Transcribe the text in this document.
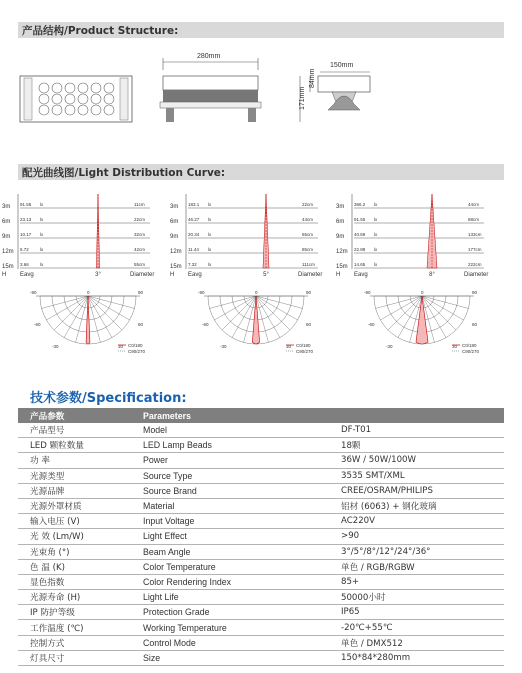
产品结构/Product Structure:
280mm
150mm
84mm
171mm
配光曲线图/Light Distribution Curve:
3m 91.55 lx	11cm
6m 23.13 lx	22cm
9m 10.17 lx	32cm
12m 5.72 lx	42cm
15m 3.66 lx	55cm
H Eavg	3°	Diameter
-90	90
-60	60
-30	30
0
C0/180
C90/270
3m 183.1 lx	22cm
6m 46.27 lx	44cm
9m 20.34 lx	65cm
12m 11.44 lx	85cm
15m 7.32 lx	111cm
H Eavg	5°	Diameter
-90	90
-60	60
-30	30
0
C0/180
C90/270
3m 366.2 lx	44cm
6m 91.55 lx	88cm
9m 40.69 lx	133cm
12m 22.89 lx	177cm
15m 14.65 lx	222cm
H Eavg	8°	Diameter
-90	90
-60	60
-30	30
0
C0/180
C90/270
技术参数/Specification:
产品参数	Parameters	
产品型号	Model	DF-T01
LED 颗粒数量	LED Lamp Beads	18颗
功 率	Power	36W / 50W/100W
光源类型	Source Type	3535 SMT/XML
光源品牌	Source Brand	CREE/OSRAM/PHILIPS
光源外罩材质	Material	铝材 (6063) + 钢化玻璃
输入电压 (V)	Input Voltage	AC220V
光 效 (Lm/W)	Light Effect	>90
光束角 (°)	Beam Angle	3°/5°/8°/12°/24°/36°
色 温 (K)	Color Temperature	单色 / RGB/RGBW
显色指数	Color Rendering Index	85+
光源寿命 (H)	Light Life	50000小时
IP 防护等级	Protection Grade	IP65
工作温度 (℃)	Working Temperature	-20℃+55℃
控制方式	Control Mode	单色 / DMX512
灯具尺寸	Size	150*84*280mm
